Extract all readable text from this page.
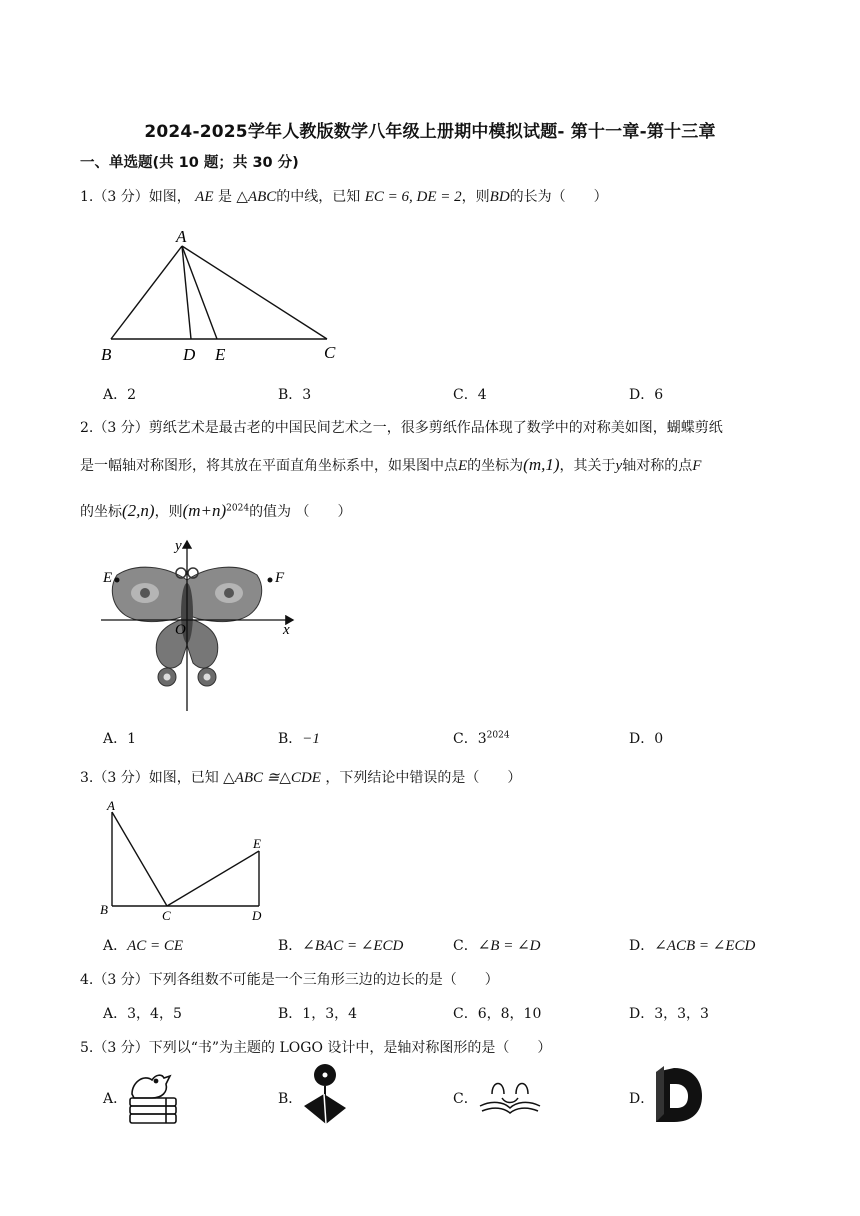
2024-2025学年人教版数学八年级上册期中模拟试题- 第十一章-第十三章
一、单选题(共 10 题；共 30 分)
1.（3 分）如图， AE 是 △ABC的中线，已知 EC = 6, DE = 2，则BD的长为（　　）
A
B	D E	C
A．2	B．3	C．4	D．6
2.（3 分）剪纸艺术是最古老的中国民间艺术之一，很多剪纸作品体现了数学中的对称美如图，蝴蝶剪纸
是一幅轴对称图形，将其放在平面直角坐标系中，如果图中点E的坐标为(m,1)，其关于y轴对称的点F
的坐标(2,n)，则$(m+n)^{2024}$的值为 （　　）
y
E	F
O	x
A．1	B．−1	C．$3^{2024}$	D．0
3.（3 分）如图，已知 △ABC ≅△CDE ，下列结论中错误的是（　　）
A
E
B	C	D
A．AC = CE	B．∠BAC = ∠ECD	C．∠B = ∠D	D．∠ACB = ∠ECD
4.（3 分）下列各组数不可能是一个三角形三边的边长的是（　　）
A．3，4，5	B．1，3，4	C．6，8，10	D．3，3，3
5.（3 分）下列以“书”为主题的 LOGO 设计中，是轴对称图形的是（　　）
A．	B．	C．	D．
